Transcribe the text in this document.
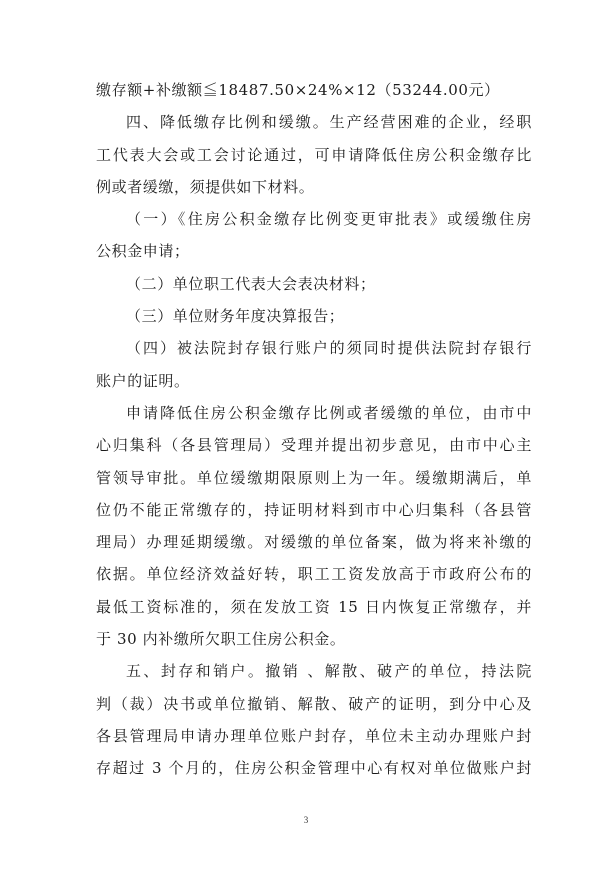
缴存额+补缴额≦18487.50×24%×12（53244.00元）
四、降低缴存比例和缓缴。生产经营困难的企业，经职
工代表大会或工会讨论通过，可申请降低住房公积金缴存比
例或者缓缴，须提供如下材料。
（一）《住房公积金缴存比例变更审批表》或缓缴住房
公积金申请；
（二）单位职工代表大会表决材料；
（三）单位财务年度决算报告；
（四）被法院封存银行账户的须同时提供法院封存银行
账户的证明。
申请降低住房公积金缴存比例或者缓缴的单位，由市中
心归集科（各县管理局）受理并提出初步意见，由市中心主
管领导审批。单位缓缴期限原则上为一年。缓缴期满后，单
位仍不能正常缴存的，持证明材料到市中心归集科（各县管
理局）办理延期缓缴。对缓缴的单位备案，做为将来补缴的
依据。单位经济效益好转，职工工资发放高于市政府公布的
最低工资标准的，须在发放工资 15 日内恢复正常缴存，并
于 30 内补缴所欠职工住房公积金。
五、封存和销户。撤销 、解散、破产的单位，持法院
判（裁）决书或单位撤销、解散、破产的证明，到分中心及
各县管理局申请办理单位账户封存，单位未主动办理账户封
存超过 3 个月的，住房公积金管理中心有权对单位做账户封
3
